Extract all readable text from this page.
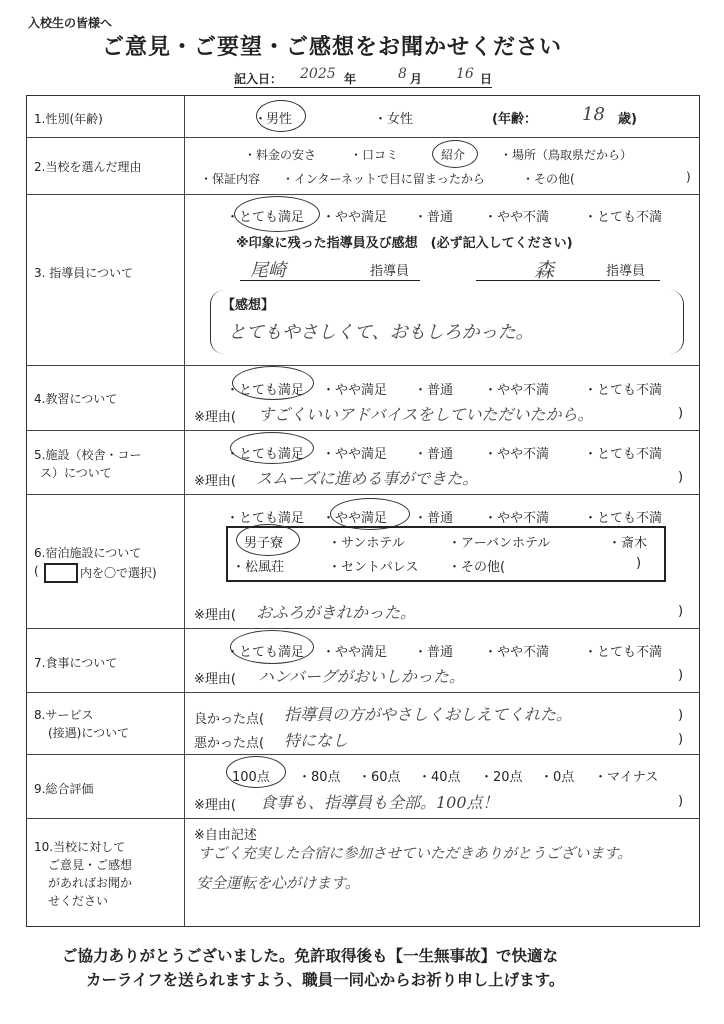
入校生の皆様へ
ご意見・ご要望・ご感想をお聞かせください
記入日： 2025 年	8 月 16 日
1.性別(年齢)	・
男性	・女性	(年齢：	18 歳)
2.当校を選んだ理由
・料金の安さ	・口コミ	紹介	・場所（鳥取県だから）
・保証内容 ・インターネットで目に留まったから	・その他(	)
3. 指導員について
・とても満足 ・やや満足 ・普通 ・やや不満	・とても不満
※印象に残った指導員及び感想　(必ず記入してください)
尾崎	指導員	森	指導員
【感想】
とてもやさしくて、おもしろかった。
4.教習について
・とても満足 ・やや満足 ・普通 ・やや不満	・とても不満
※理由( すごくいいアドバイスをしていただいたから。	)
5.施設（校舎・コー
ス）について
・とても満足 ・やや満足 ・普通 ・やや不満	・とても不満
※理由( スムーズに進める事ができた。	)
6.宿泊施設について
(	内を〇で選択)
・とても満足 ・やや満足 ・普通 ・やや不満	・とても不満
男子寮	・サンホテル	・アーバンホテル	・斎木
・松風荘	・セントパレス ・その他(	)
※理由( おふろがきれかった。	)
7.食事について
・とても満足 ・やや満足 ・普通 ・やや不満	・とても不満
※理由( ハンバーグがおいしかった。	)
8.サービス
(接遇)について
良かった点( 指導員の方がやさしくおしえてくれた。	)
悪かった点( 特になし	)
9.総合評価
100点 ・80点 ・60点 ・40点 ・20点 ・0点 ・マイナス
※理由( 食事も、指導員も全部。100点！	)
10.当校に対して
ご意見・ご感想
があればお聞か
せください
※自由記述
すごく充実した合宿に参加させていただきありがとうございます。
安全運転を心がけます。
ご協力ありがとうございました。免許取得後も【一生無事故】で快適な
カーライフを送られますよう、職員一同心からお祈り申し上げます。
